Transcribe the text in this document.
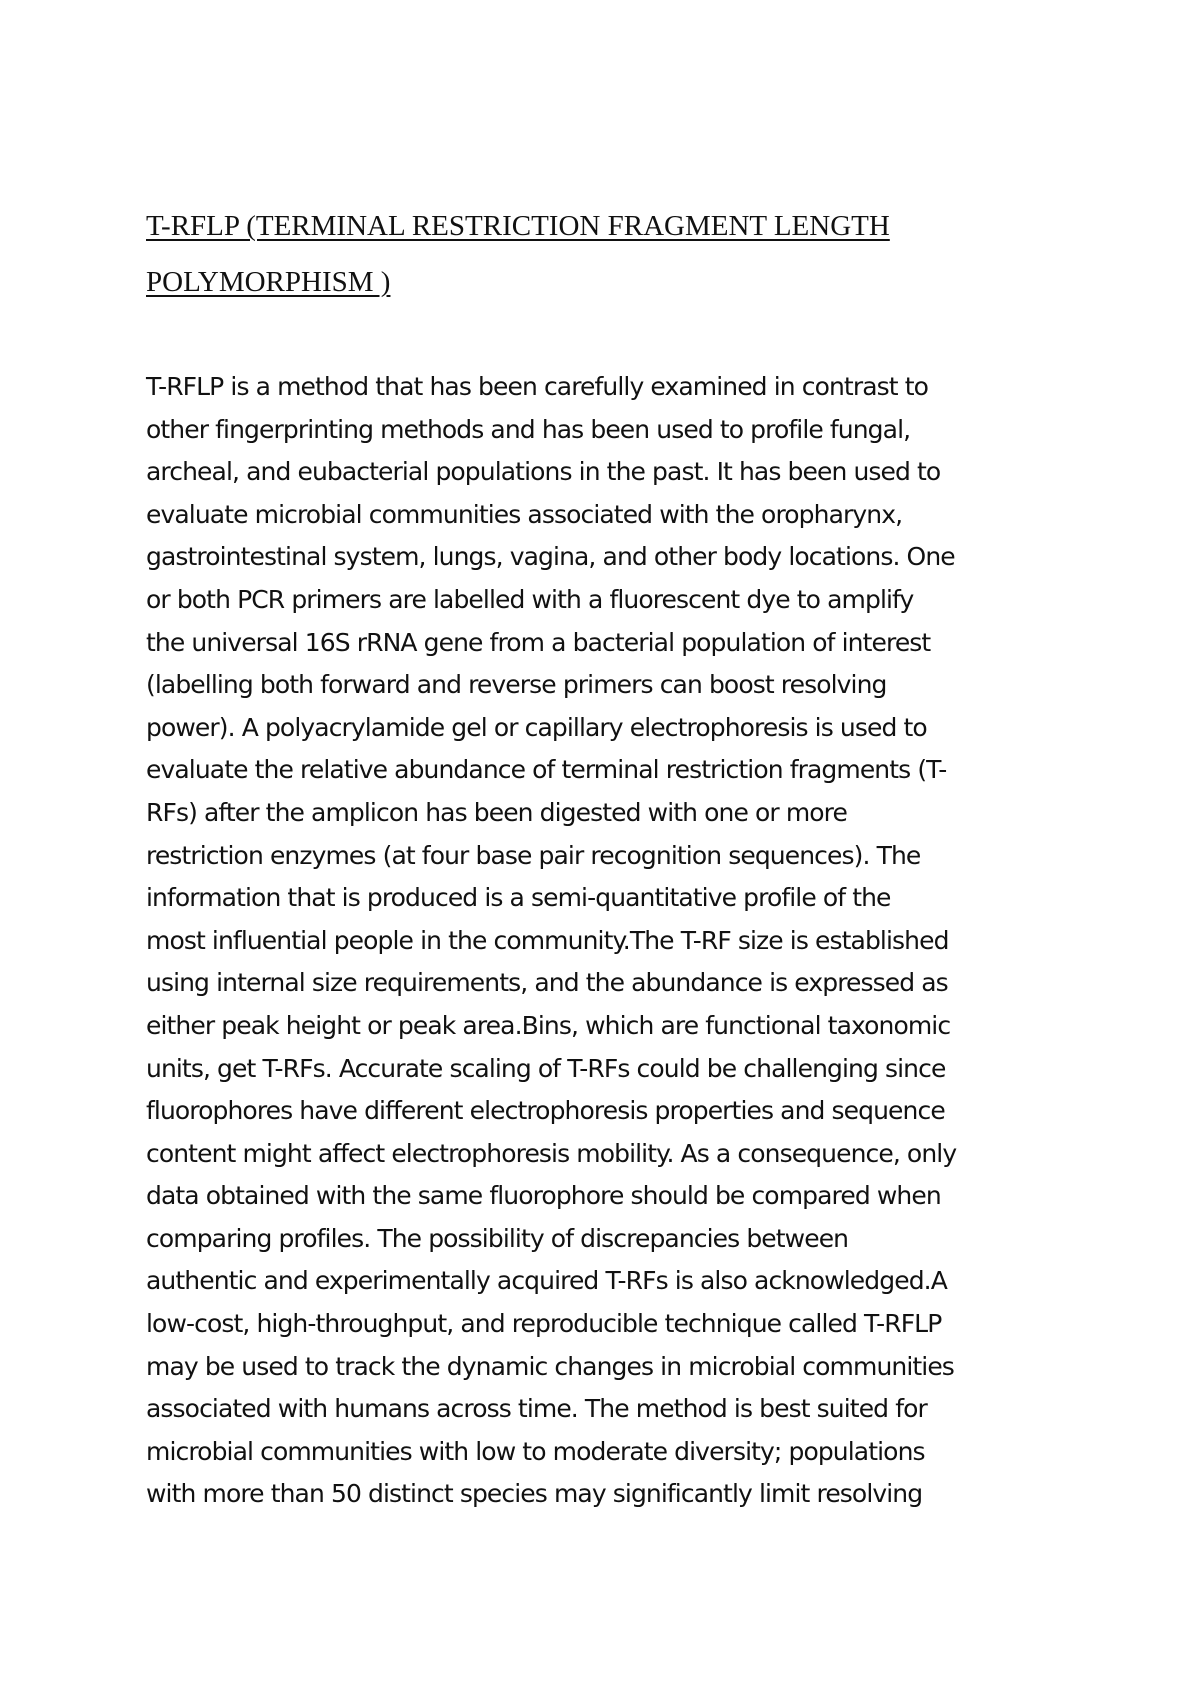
T-RFLP (TERMINAL RESTRICTION FRAGMENT LENGTH
POLYMORPHISM )

T-RFLP is a method that has been carefully examined in contrast to
other fingerprinting methods and has been used to profile fungal,
archeal, and eubacterial populations in the past. It has been used to
evaluate microbial communities associated with the oropharynx,
gastrointestinal system, lungs, vagina, and other body locations. One
or both PCR primers are labelled with a fluorescent dye to amplify
the universal 16S rRNA gene from a bacterial population of interest
(labelling both forward and reverse primers can boost resolving
power). A polyacrylamide gel or capillary electrophoresis is used to
evaluate the relative abundance of terminal restriction fragments (T-
RFs) after the amplicon has been digested with one or more
restriction enzymes (at four base pair recognition sequences). The
information that is produced is a semi-quantitative profile of the
most influential people in the community.The T-RF size is established
using internal size requirements, and the abundance is expressed as
either peak height or peak area.Bins, which are functional taxonomic
units, get T-RFs. Accurate scaling of T-RFs could be challenging since
fluorophores have different electrophoresis properties and sequence
content might affect electrophoresis mobility. As a consequence, only
data obtained with the same fluorophore should be compared when
comparing profiles. The possibility of discrepancies between
authentic and experimentally acquired T-RFs is also acknowledged.A
low-cost, high-throughput, and reproducible technique called T-RFLP
may be used to track the dynamic changes in microbial communities
associated with humans across time. The method is best suited for
microbial communities with low to moderate diversity; populations
with more than 50 distinct species may significantly limit resolving
